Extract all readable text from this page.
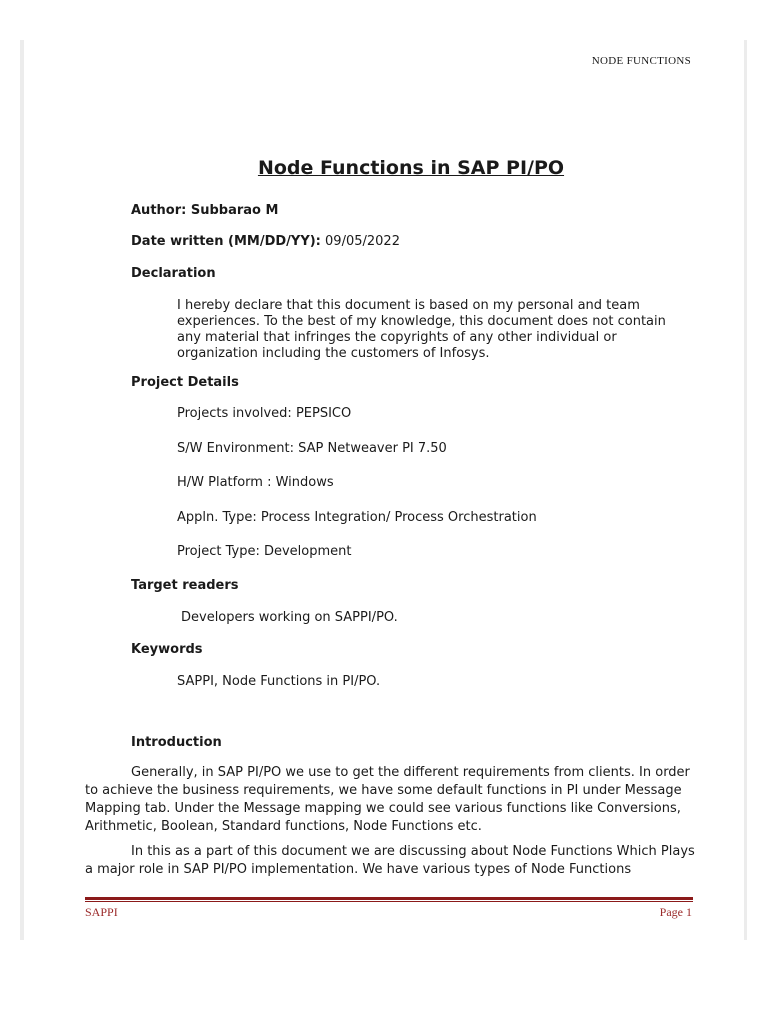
NODE FUNCTIONS
Node Functions in SAP PI/PO
Author: Subbarao M
Date written (MM/DD/YY): 09/05/2022
Declaration
I hereby declare that this document is based on my personal and team
experiences. To the best of my knowledge, this document does not contain
any material that infringes the copyrights of any other individual or
organization including the customers of Infosys.
Project Details
Projects involved: PEPSICO
S/W Environment: SAP Netweaver PI 7.50
H/W Platform : Windows
Appln. Type: Process Integration/ Process Orchestration
Project Type: Development
Target readers
Developers working on SAPPI/PO.
Keywords
SAPPI, Node Functions in PI/PO.
Introduction

Generally, in SAP PI/PO we use to get the different requirements from clients. In order to achieve the business requirements, we have some default functions in PI under Message Mapping tab. Under the Message mapping we could see various functions like Conversions, Arithmetic, Boolean, Standard functions, Node Functions etc.

In this as a part of this document we are discussing about Node Functions Which Plays a major role in SAP PI/PO implementation. We have various types of Node Functions

SAPPI	Page 1
